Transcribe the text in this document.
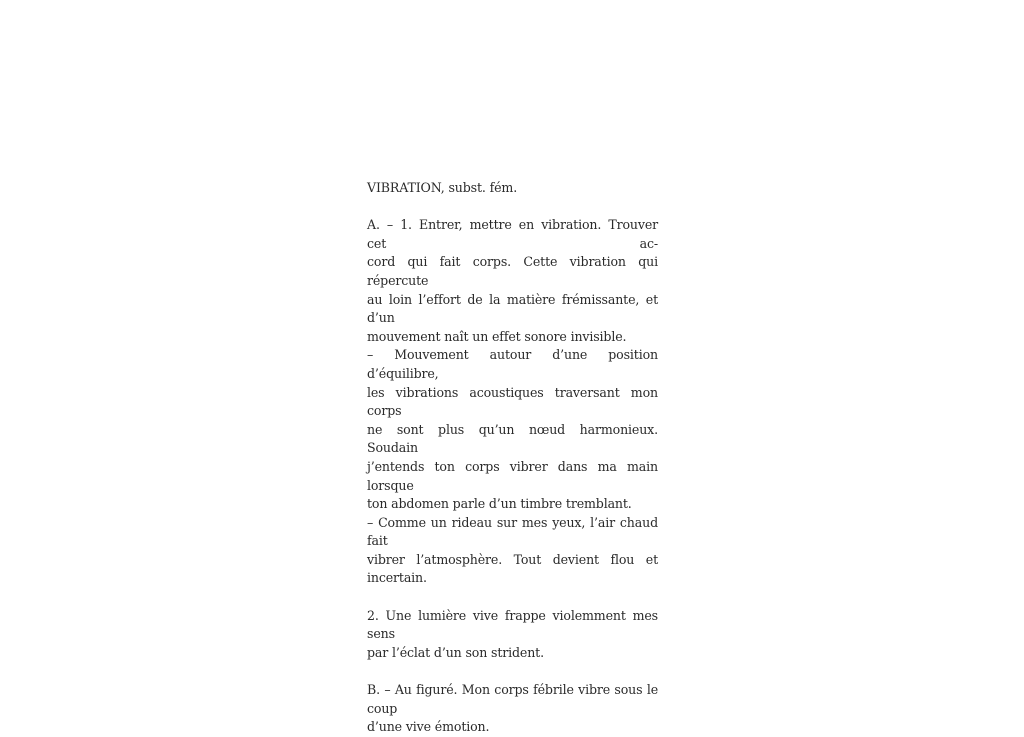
VIBRATION, subst. fém.

A. – 1. Entrer, mettre en vibration. Trouver cet ac-
cord qui fait corps. Cette vibration qui répercute
au loin l’effort de la matière frémissante, et d’un
mouvement naît un effet sonore invisible.
– Mouvement autour d’une position d’équilibre,
les vibrations acoustiques traversant mon corps
ne sont plus qu’un nœud harmonieux. Soudain
j’entends ton corps vibrer dans ma main lorsque
ton abdomen parle d’un timbre tremblant.
– Comme un rideau sur mes yeux, l’air chaud fait
vibrer l’atmosphère. Tout devient flou et incertain.
2. Une lumière vive frappe violemment mes sens
par l’éclat d’un son strident.
B. – Au figuré. Mon corps fébrile vibre sous le coup
d’une vive émotion.
